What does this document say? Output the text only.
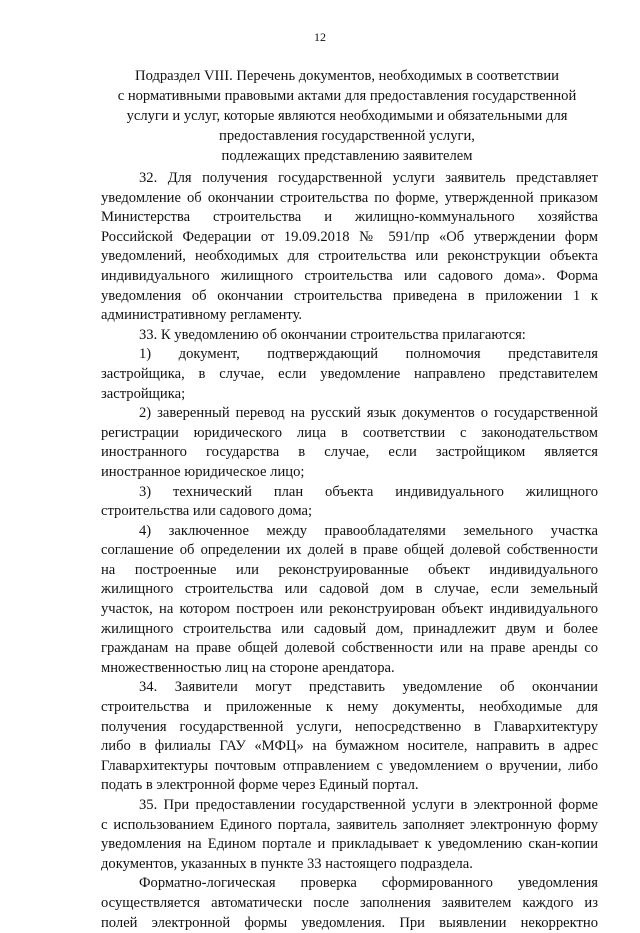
12
Подраздел VIII. Перечень документов, необходимых в соответствии
с нормативными правовыми актами для предоставления государственной
услуги и услуг, которые являются необходимыми и обязательными для
предоставления государственной услуги,
подлежащих представлению заявителем
32. Для получения государственной услуги заявитель представляет
уведомление об окончании строительства по форме, утвержденной приказом
Министерства строительства и жилищно-коммунального хозяйства
Российской Федерации от 19.09.2018 № 591/пр «Об утверждении форм
уведомлений, необходимых для строительства или реконструкции объекта
индивидуального жилищного строительства или садового дома». Форма
уведомления об окончании строительства приведена в приложении 1 к
административному регламенту.
33. К уведомлению об окончании строительства прилагаются:
1) документ, подтверждающий полномочия представителя
застройщика, в случае, если уведомление направлено представителем
застройщика;
2) заверенный перевод на русский язык документов о государственной
регистрации юридического лица в соответствии с законодательством
иностранного государства в случае, если застройщиком является
иностранное юридическое лицо;
3) технический план объекта индивидуального жилищного
строительства или садового дома;
4) заключенное между правообладателями земельного участка
соглашение об определении их долей в праве общей долевой собственности
на построенные или реконструированные объект индивидуального
жилищного строительства или садовой дом в случае, если земельный
участок, на котором построен или реконструирован объект индивидуального
жилищного строительства или садовый дом, принадлежит двум и более
гражданам на праве общей долевой собственности или на праве аренды со
множественностью лиц на стороне арендатора.
34. Заявители могут представить уведомление об окончании
строительства и приложенные к нему документы, необходимые для
получения государственной услуги, непосредственно в Главархитектуру
либо в филиалы ГАУ «МФЦ» на бумажном носителе, направить в адрес
Главархитектуры почтовым отправлением с уведомлением о вручении, либо
подать в электронной форме через Единый портал.
35. При предоставлении государственной услуги в электронной форме
с использованием Единого портала, заявитель заполняет электронную форму
уведомления на Едином портале и прикладывает к уведомлению скан-копии
документов, указанных в пункте 33 настоящего подраздела.
Форматно-логическая проверка сформированного уведомления
осуществляется автоматически после заполнения заявителем каждого из
полей электронной формы уведомления. При выявлении некорректно
